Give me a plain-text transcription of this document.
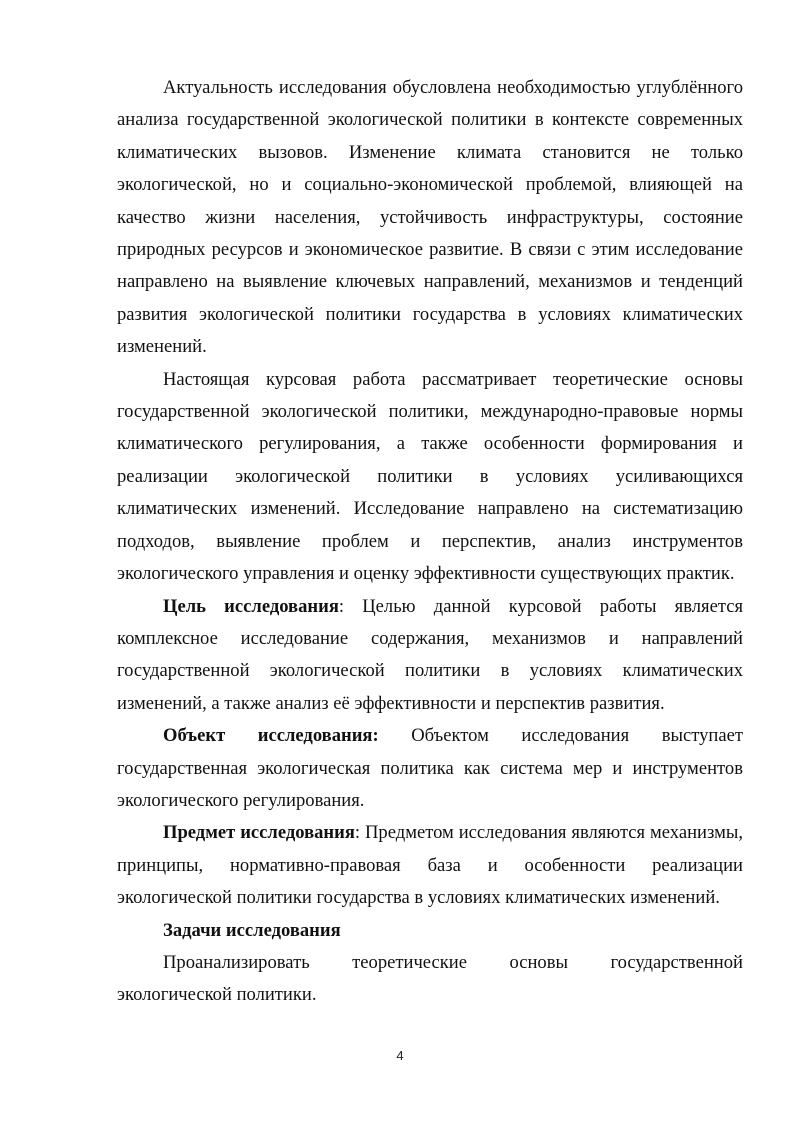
Актуальность исследования обусловлена необходимостью углублённого анализа государственной экологической политики в контексте современных климатических вызовов. Изменение климата становится не только экологической, но и социально-экономической проблемой, влияющей на качество жизни населения, устойчивость инфраструктуры, состояние природных ресурсов и экономическое развитие. В связи с этим исследование направлено на выявление ключевых направлений, механизмов и тенденций развития экологической политики государства в условиях климатических изменений.

Настоящая курсовая работа рассматривает теоретические основы государственной экологической политики, международно-правовые нормы климатического регулирования, а также особенности формирования и реализации экологической политики в условиях усиливающихся климатических изменений. Исследование направлено на систематизацию подходов, выявление проблем и перспектив, анализ инструментов экологического управления и оценку эффективности существующих практик.

Цель исследования: Целью данной курсовой работы является комплексное исследование содержания, механизмов и направлений государственной экологической политики в условиях климатических изменений, а также анализ её эффективности и перспектив развития.

Объект исследования: Объектом исследования выступает государственная экологическая политика как система мер и инструментов экологического регулирования.

Предмет исследования: Предметом исследования являются механизмы, принципы, нормативно-правовая база и особенности реализации экологической политики государства в условиях климатических изменений.

Задачи исследования

Проанализировать теоретические основы государственной экологической политики.

4
